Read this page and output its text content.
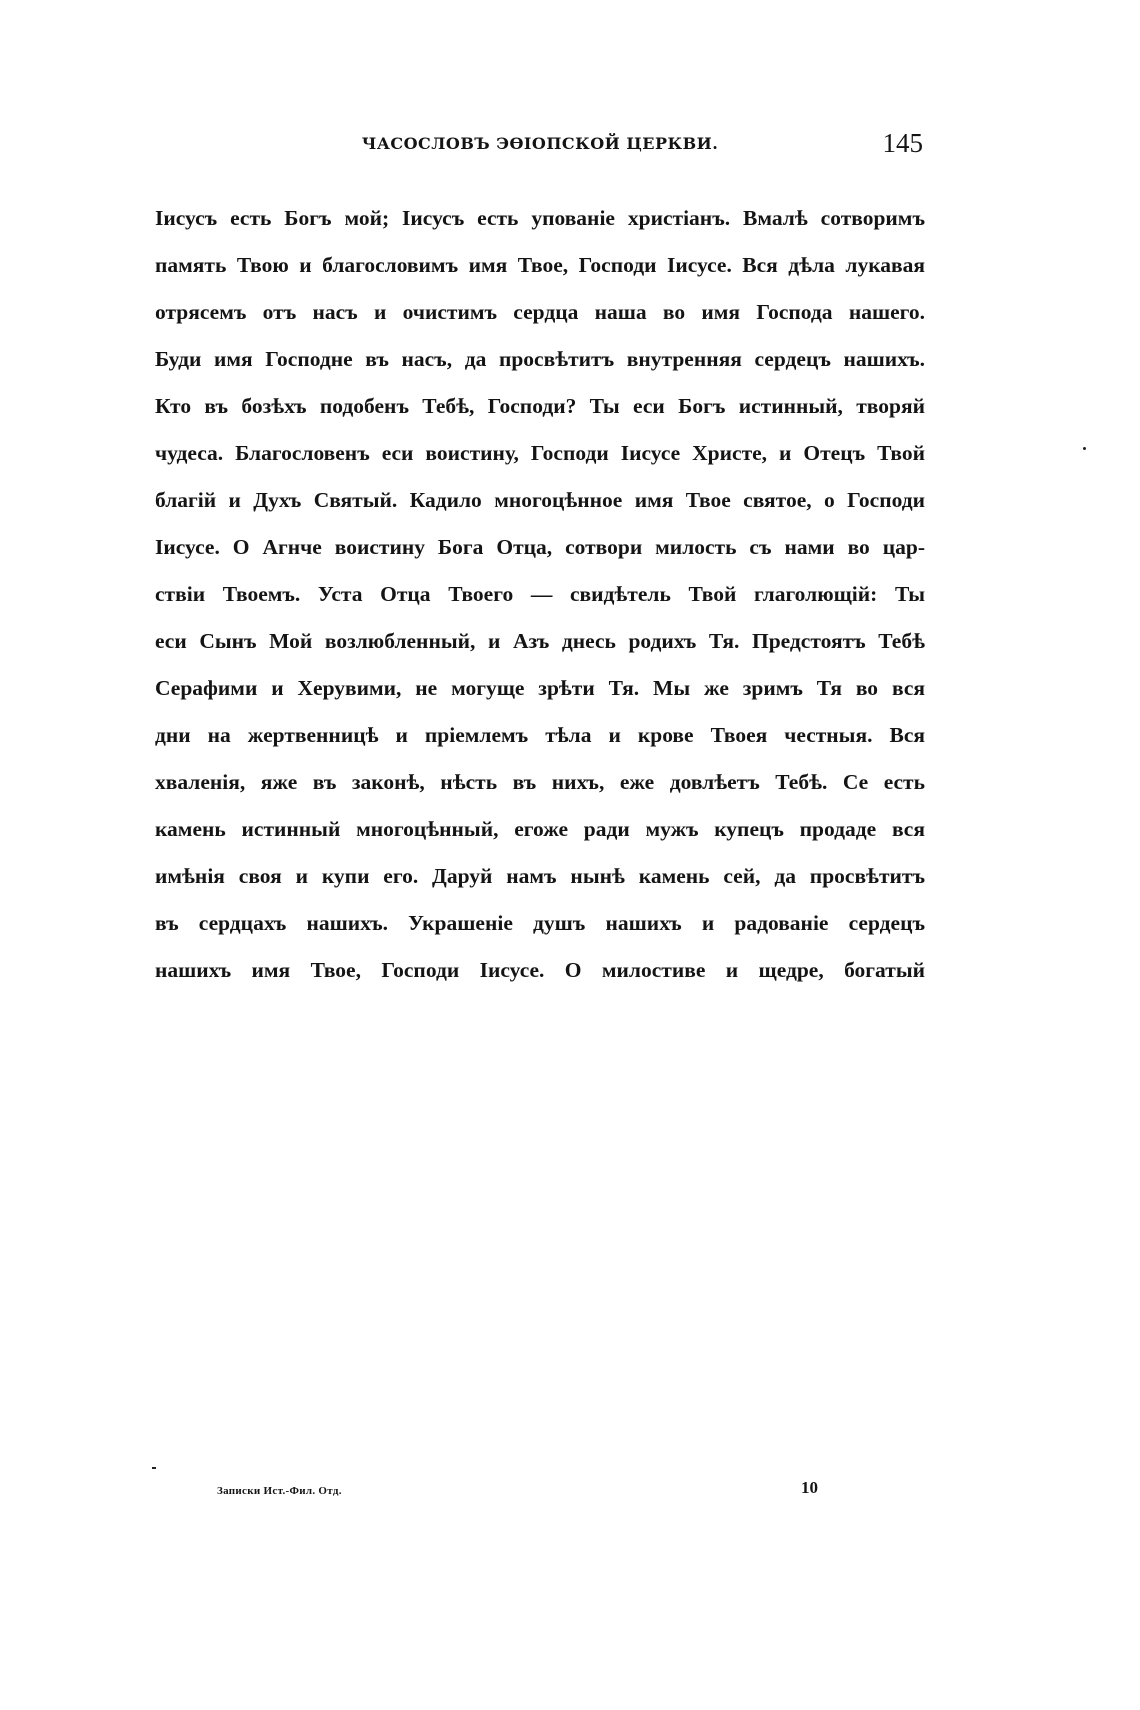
ЧАСОСЛОВЪ ЭѲІОПСКОЙ ЦЕРКВИ.	145
Іисусъ есть Богъ мой; Іисусъ есть упованіе христіанъ. Вмалѣ сотворимъ
память Твою и благословимъ имя Твое, Господи Іисусе. Вся дѣла лукавая
отрясемъ отъ насъ и очистимъ сердца наша во имя Господа нашего.
Буди имя Господне въ насъ, да просвѣтитъ внутренняя сердецъ нашихъ.
Кто въ бозѣхъ подобенъ Тебѣ, Господи? Ты еси Богъ истинный, творяй
чудеса. Благословенъ еси воистину, Господи Іисусе Христе, и Отецъ Твой
благій и Духъ Святый. Кадило многоцѣнное имя Твое святое, о Господи
Іисусе. О Агнче воистину Бога Отца, сотвори милость съ нами во цар-
ствіи Твоемъ. Уста Отца Твоего — свидѣтель Твой глаголющій: Ты
еси Сынъ Мой возлюбленный, и Азъ днесь родихъ Тя. Предстоятъ Тебѣ
Серафими и Херувими, не могуще зрѣти Тя. Мы же зримъ Тя во вся
дни на жертвенницѣ и пріемлемъ тѣла и крове Твоея честныя. Вся
хваленія, яже въ законѣ, нѣсть въ нихъ, еже довлѣетъ Тебѣ. Се есть
камень истинный многоцѣнный, егоже ради мужъ купецъ продаде вся
имѣнія своя и купи его. Даруй намъ нынѣ камень сей, да просвѣтитъ
въ сердцахъ нашихъ. Украшеніе душъ нашихъ и радованіе сердецъ
нашихъ имя Твое, Господи Іисусе. О милостиве и щедре, богатый
Записки Ист.-Фил. Отд.	10
